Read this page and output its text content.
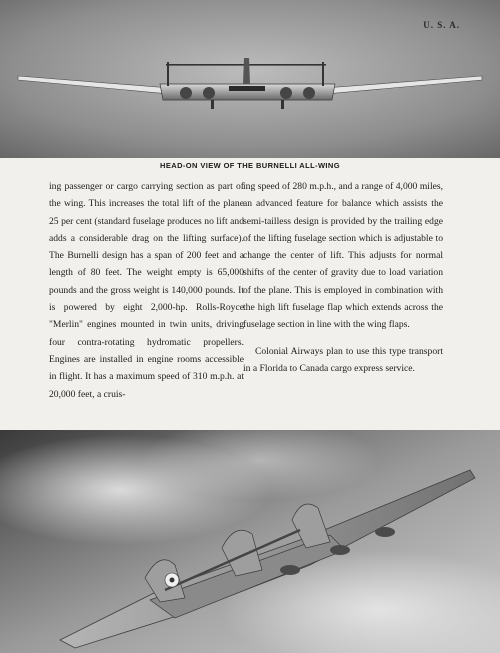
U. S. A.
HEAD-ON VIEW OF THE BURNELLI ALL-WING

ing passenger or cargo carrying section as part of the wing. This increases the total lift of the plane 25 per cent (standard fuselage produces no lift and adds a considerable drag on the lifting surface). The Burnelli design has a span of 200 feet and a length of 80 feet. The weight empty is 65,000 pounds and the gross weight is 140,000 pounds. It is powered by eight 2,000-hp. Rolls-Royce "Merlin" engines mounted in twin units, driving four contra-rotating hydromatic propellers. Engines are installed in engine rooms accessible in flight. It has a maximum speed of 310 m.p.h. at 20,000 feet, a cruis-

ing speed of 280 m.p.h., and a range of 4,000 miles, an advanced feature for balance which assists the semi-tailless design is provided by the trailing edge of the lifting fuselage section which is adjustable to change the center of lift. This adjusts for normal shifts of the center of gravity due to load variation of the plane. This is employed in combination with the high lift fuselage flap which extends across the fuselage section in line with the wing flaps.

Colonial Airways plan to use this type transport in a Florida to Canada cargo express service.
